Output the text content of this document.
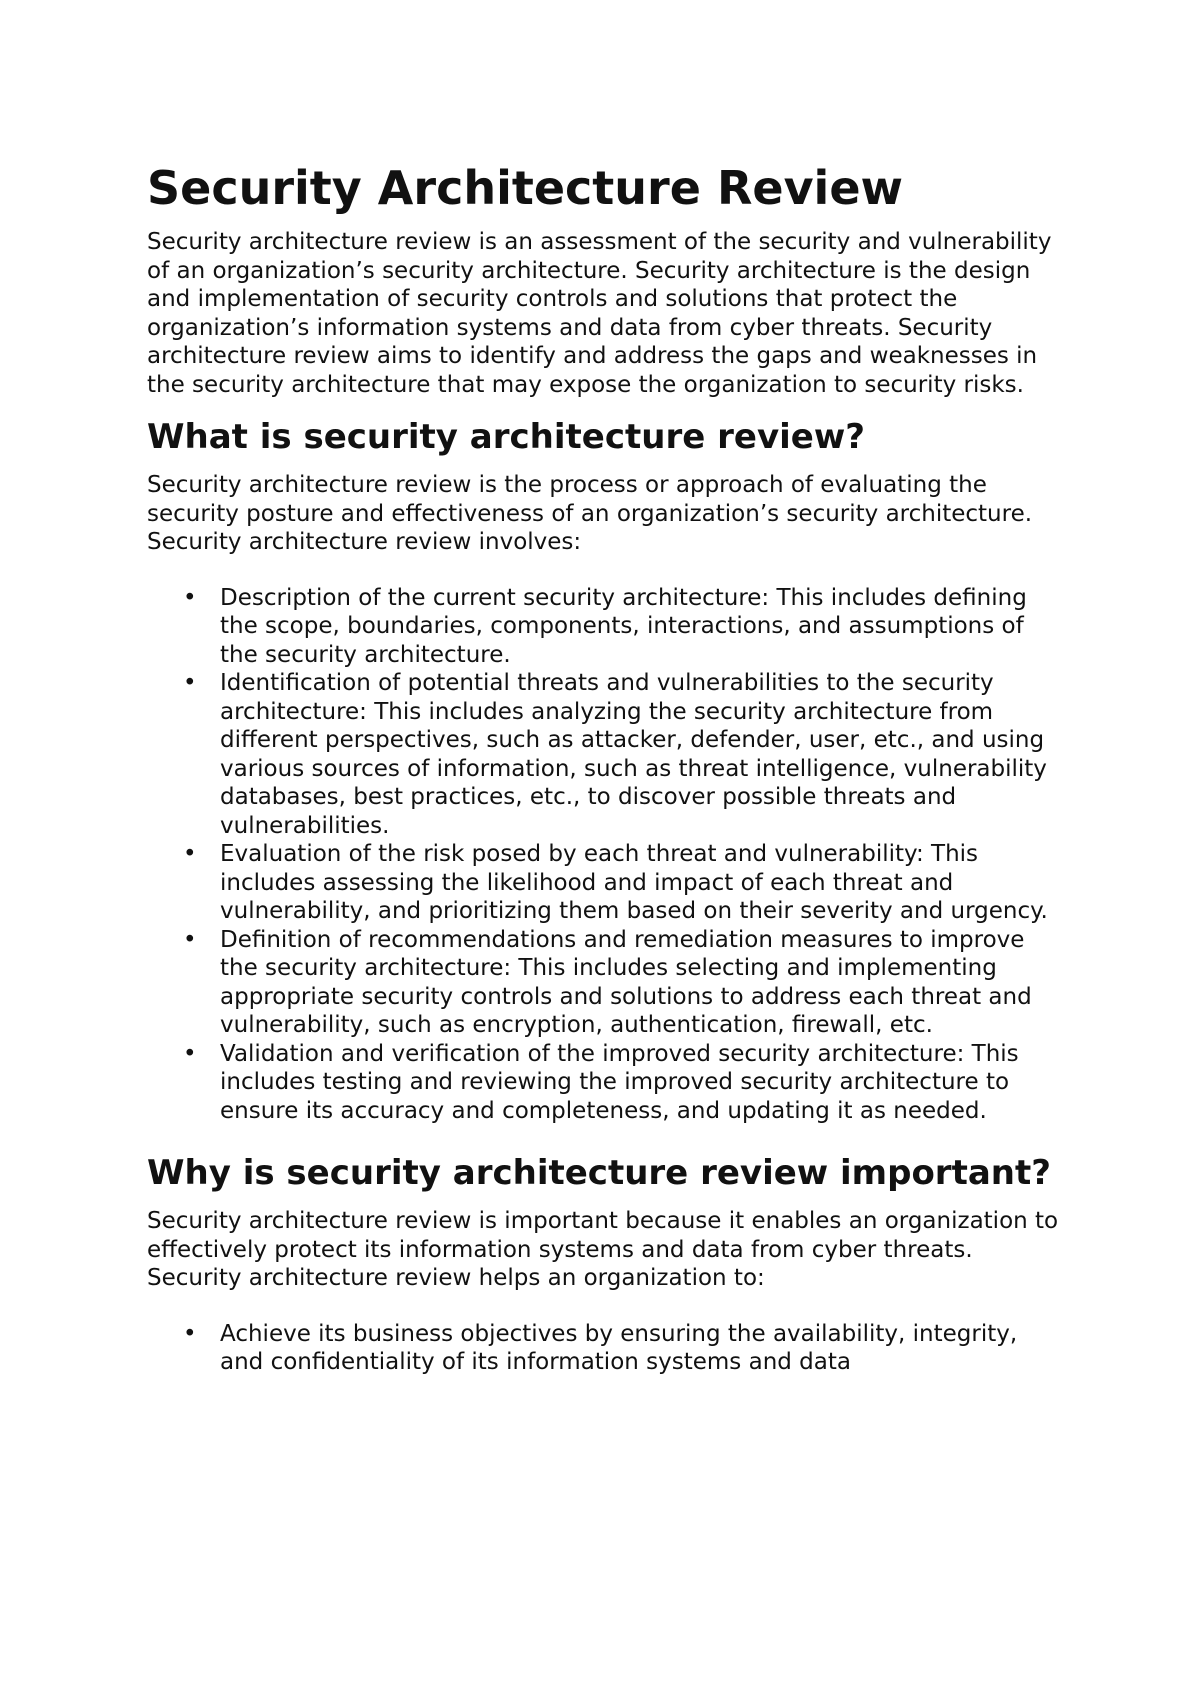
Security Architecture Review

Security architecture review is an assessment of the security and vulnerability of an organization’s security architecture. Security architecture is the design and implementation of security controls and solutions that protect the organization’s information systems and data from cyber threats. Security architecture review aims to identify and address the gaps and weaknesses in the security architecture that may expose the organization to security risks.

What is security architecture review?

Security architecture review is the process or approach of evaluating the security posture and effectiveness of an organization’s security architecture. Security architecture review involves:

• Description of the current security architecture: This includes defining the scope, boundaries, components, interactions, and assumptions of the security architecture.
• Identification of potential threats and vulnerabilities to the security architecture: This includes analyzing the security architecture from different perspectives, such as attacker, defender, user, etc., and using various sources of information, such as threat intelligence, vulnerability databases, best practices, etc., to discover possible threats and vulnerabilities.
• Evaluation of the risk posed by each threat and vulnerability: This includes assessing the likelihood and impact of each threat and vulnerability, and prioritizing them based on their severity and urgency.
• Definition of recommendations and remediation measures to improve the security architecture: This includes selecting and implementing appropriate security controls and solutions to address each threat and vulnerability, such as encryption, authentication, firewall, etc.
• Validation and verification of the improved security architecture: This includes testing and reviewing the improved security architecture to ensure its accuracy and completeness, and updating it as needed.
Why is security architecture review important?

Security architecture review is important because it enables an organization to effectively protect its information systems and data from cyber threats. Security architecture review helps an organization to:

• Achieve its business objectives by ensuring the availability, integrity, and confidentiality of its information systems and data
